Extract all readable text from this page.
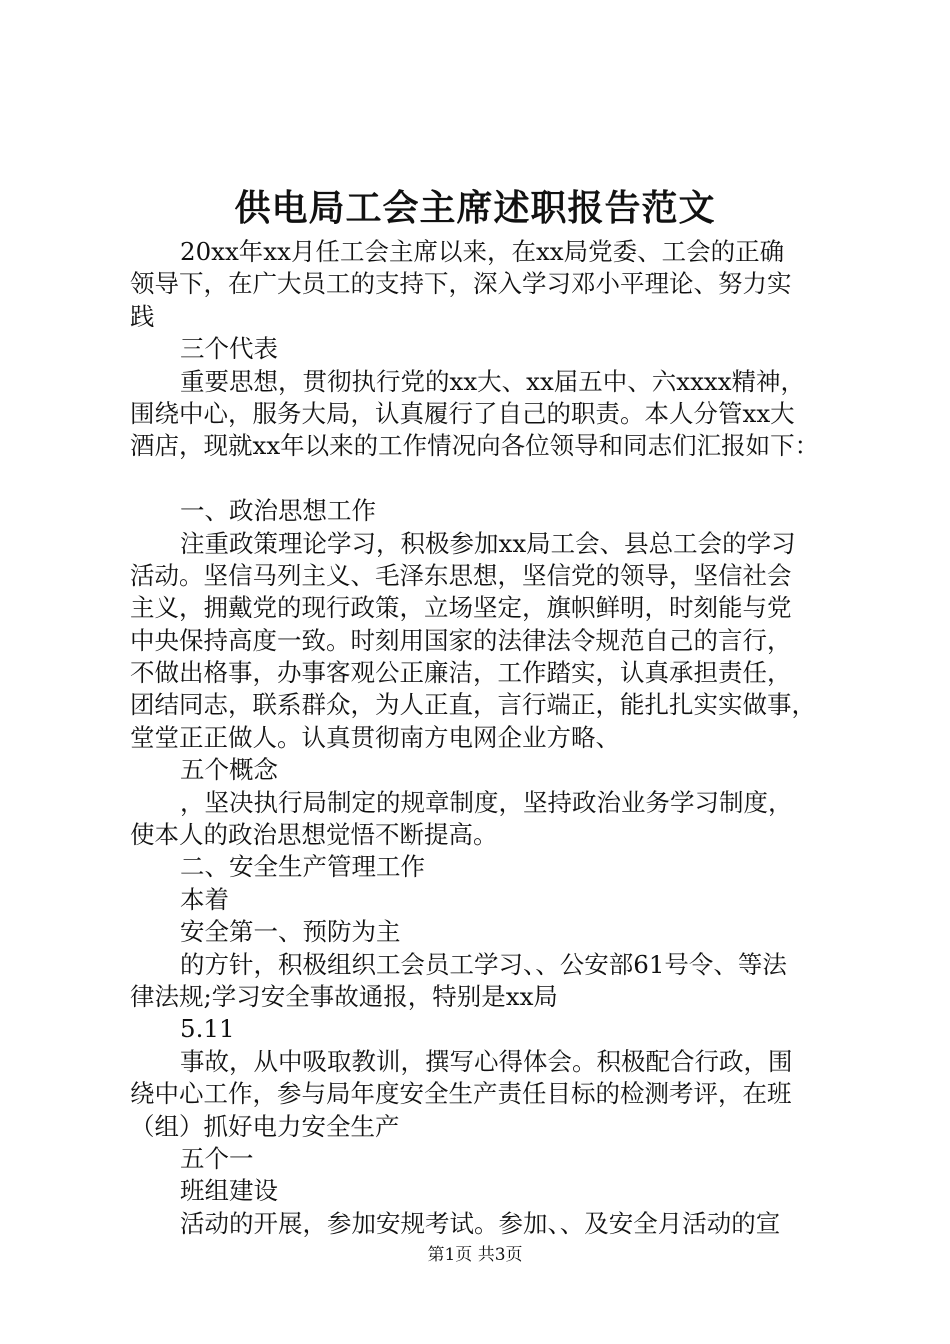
供电局工会主席述职报告范文
20xx年xx月任工会主席以来，在xx局党委、工会的正确
领导下，在广大员工的支持下，深入学习邓小平理论、努力实
践
三个代表
重要思想，贯彻执行党的xx大、xx届五中、六xxxx精神，
围绕中心，服务大局，认真履行了自己的职责。本人分管xx大
酒店，现就xx年以来的工作情况向各位领导和同志们汇报如下：
一、政治思想工作
注重政策理论学习，积极参加xx局工会、县总工会的学习
活动。坚信马列主义、毛泽东思想，坚信党的领导，坚信社会
主义，拥戴党的现行政策，立场坚定，旗帜鲜明，时刻能与党
中央保持高度一致。时刻用国家的法律法令规范自己的言行，
不做出格事，办事客观公正廉洁，工作踏实，认真承担责任，
团结同志，联系群众，为人正直，言行端正，能扎扎实实做事，
堂堂正正做人。认真贯彻南方电网企业方略、
五个概念
，坚决执行局制定的规章制度，坚持政治业务学习制度，
使本人的政治思想觉悟不断提高。
二、安全生产管理工作
本着
安全第一、预防为主
的方针，积极组织工会员工学习、、公安部61号令、等法
律法规;学习安全事故通报，特别是xx局
5.11
事故，从中吸取教训，撰写心得体会。积极配合行政，围
绕中心工作，参与局年度安全生产责任目标的检测考评，在班
（组）抓好电力安全生产
五个一
班组建设
活动的开展，参加安规考试。参加、、及安全月活动的宣
第1页 共3页
